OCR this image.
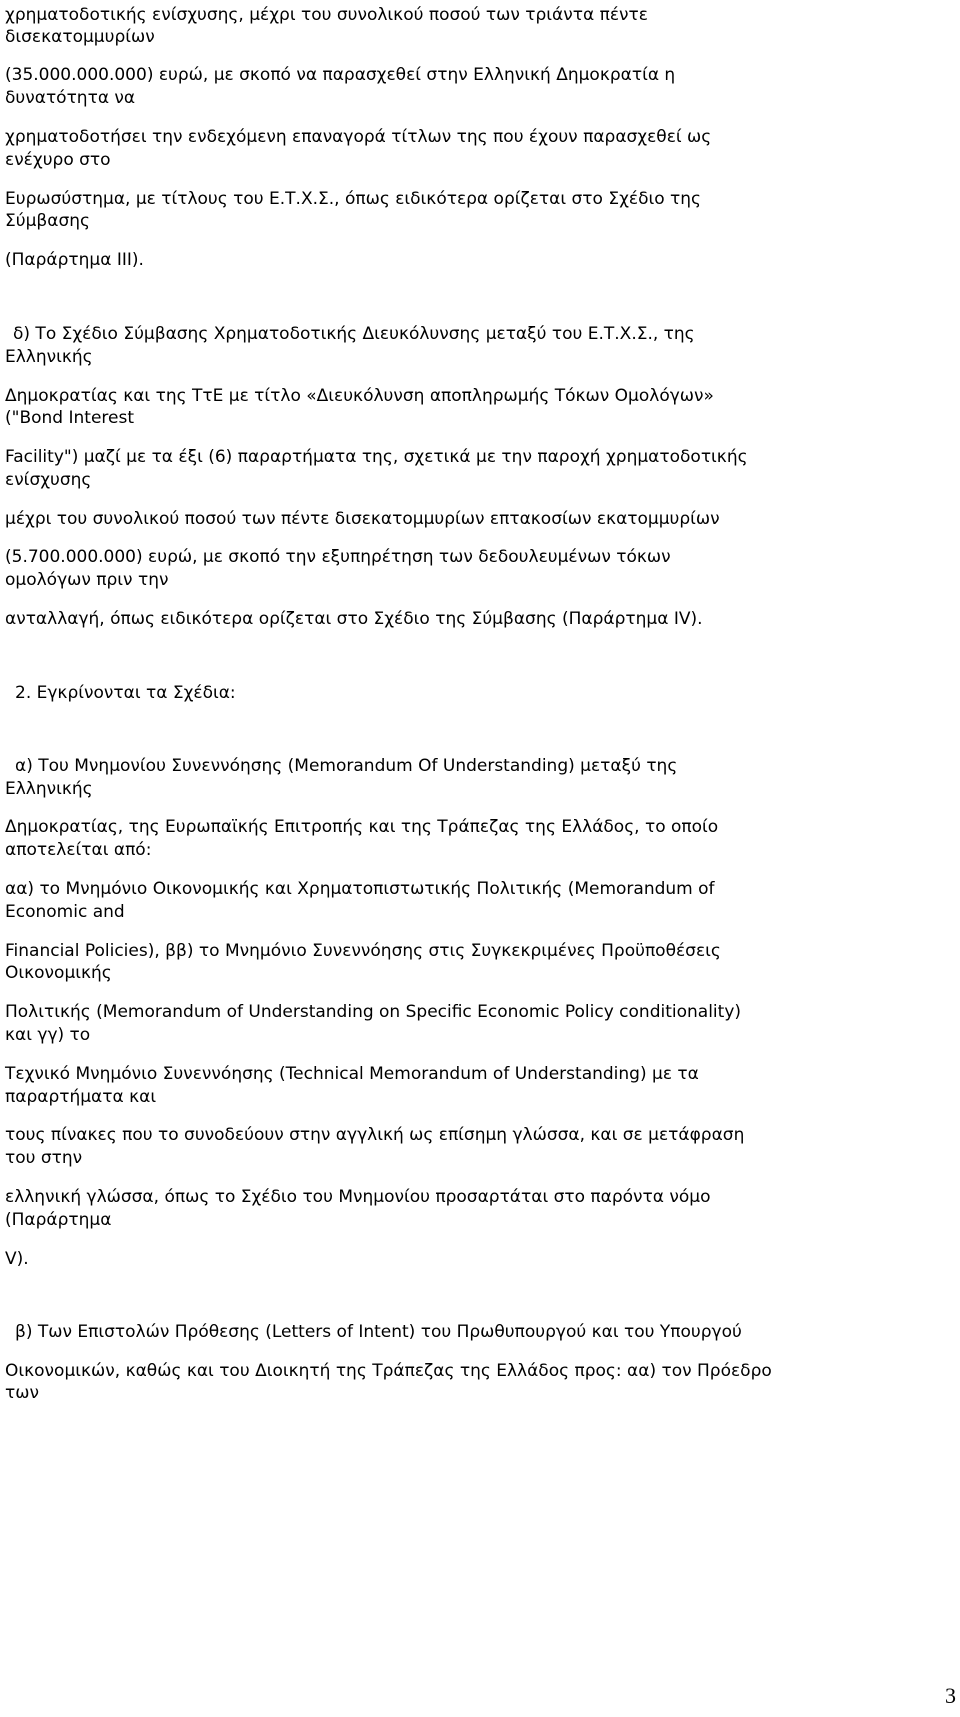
χρηματοδοτικής ενίσχυσης, μέχρι του συνολικού ποσού των τριάντα πέντε
δισεκατομμυρίων
(35.000.000.000) ευρώ, με σκοπό να παρασχεθεί στην Ελληνική Δημοκρατία η
δυνατότητα να
χρηματοδοτήσει την ενδεχόμενη επαναγορά τίτλων της που έχουν παρασχεθεί ως
ενέχυρο στο
Ευρωσύστημα, με τίτλους του Ε.Τ.Χ.Σ., όπως ειδικότερα ορίζεται στο Σχέδιο της
Σύμβασης
(Παράρτημα ΙΙΙ).
δ) Το Σχέδιο Σύμβασης Χρηματοδοτικής Διευκόλυνσης μεταξύ του Ε.Τ.Χ.Σ., της
Ελληνικής
Δημοκρατίας και της ΤτΕ με τίτλο «Διευκόλυνση αποπληρωμής Τόκων Ομολόγων»
("Bond Interest
Facility") μαζί με τα έξι (6) παραρτήματα της, σχετικά με την παροχή χρηματοδοτικής
ενίσχυσης
μέχρι του συνολικού ποσού των πέντε δισεκατομμυρίων επτακοσίων εκατομμυρίων
(5.700.000.000) ευρώ, με σκοπό την εξυπηρέτηση των δεδουλευμένων τόκων
ομολόγων πριν την
ανταλλαγή, όπως ειδικότερα ορίζεται στο Σχέδιο της Σύμβασης (Παράρτημα IV).
2. Εγκρίνονται τα Σχέδια:
α) Του Μνημονίου Συνεννόησης (Memorandum Of Understanding) μεταξύ της
Ελληνικής
Δημοκρατίας, της Ευρωπαϊκής Επιτροπής και της Τράπεζας της Ελλάδος, το οποίο
αποτελείται από:
αα) το Μνημόνιο Οικονομικής και Χρηματοπιστωτικής Πολιτικής (Memorandum of
Economic and
Financial Policies), ββ) το Μνημόνιο Συνεννόησης στις Συγκεκριμένες Προϋποθέσεις
Οικονομικής
Πολιτικής (Memorandum of Understanding on Specific Economic Policy conditionality)
και γγ) το
Τεχνικό Μνημόνιο Συνεννόησης (Technical Memorandum of Understanding) με τα
παραρτήματα και
τους πίνακες που το συνοδεύουν στην αγγλική ως επίσημη γλώσσα, και σε μετάφραση
του στην
ελληνική γλώσσα, όπως το Σχέδιο του Μνημονίου προσαρτάται στο παρόντα νόμο
(Παράρτημα
V).
β) Των Επιστολών Πρόθεσης (Letters of Intent) του Πρωθυπουργού και του Υπουργού
Οικονομικών, καθώς και του Διοικητή της Τράπεζας της Ελλάδος προς: αα) τον Πρόεδρο
των
3
